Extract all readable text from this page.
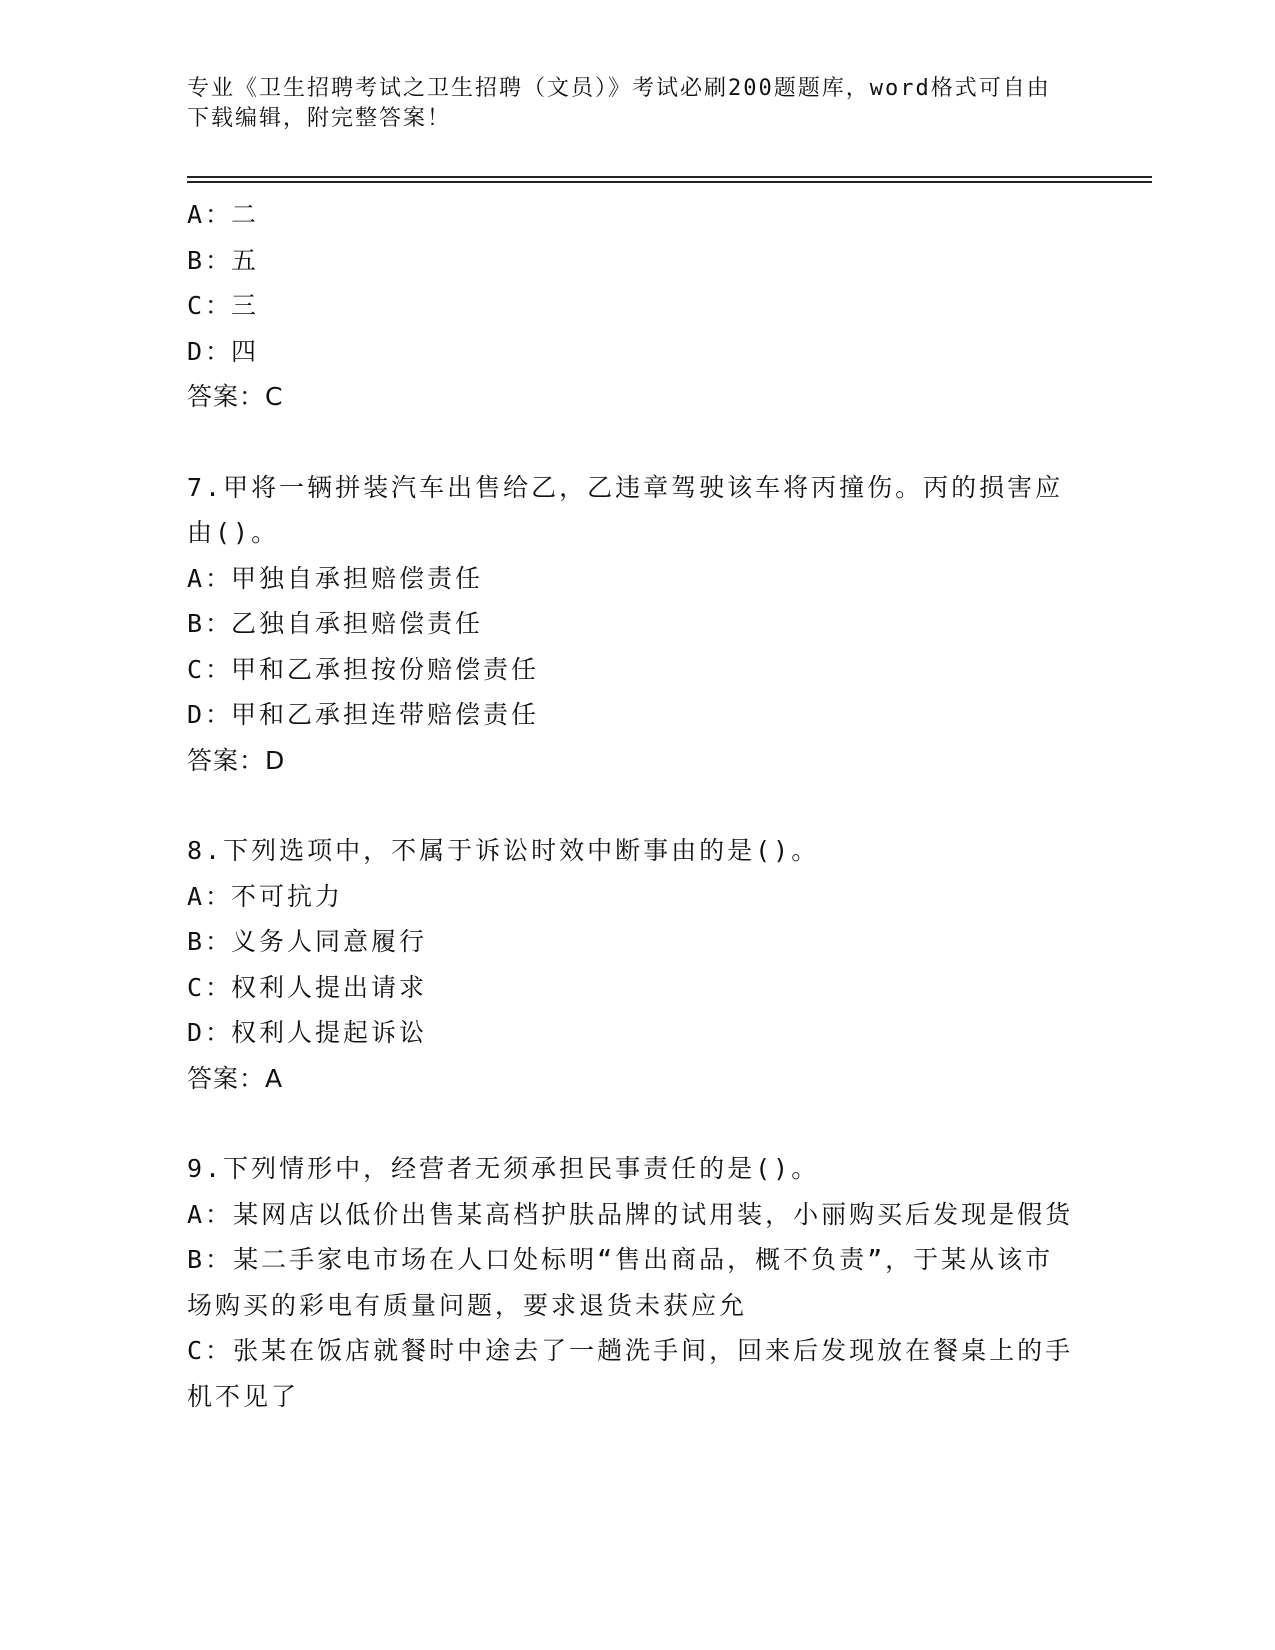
专业《卫生招聘考试之卫生招聘（文员）》考试必刷200题题库，word格式可自由下载编辑，附完整答案！

A：二

B：五

C：三

D：四

答案：C

7.甲将一辆拼装汽车出售给乙，乙违章驾驶该车将丙撞伤。丙的损害应由()。

A：甲独自承担赔偿责任

B：乙独自承担赔偿责任

C：甲和乙承担按份赔偿责任

D：甲和乙承担连带赔偿责任

答案：D

8.下列选项中，不属于诉讼时效中断事由的是()。

A：不可抗力

B：义务人同意履行

C：权利人提出请求

D：权利人提起诉讼

答案：A

9.下列情形中，经营者无须承担民事责任的是()。

A：某网店以低价出售某高档护肤品牌的试用装，小丽购买后发现是假货

B：某二手家电市场在人口处标明“售出商品，概不负责”，于某从该市场购买的彩电有质量问题，要求退货未获应允

C：张某在饭店就餐时中途去了一趟洗手间，回来后发现放在餐桌上的手机不见了
